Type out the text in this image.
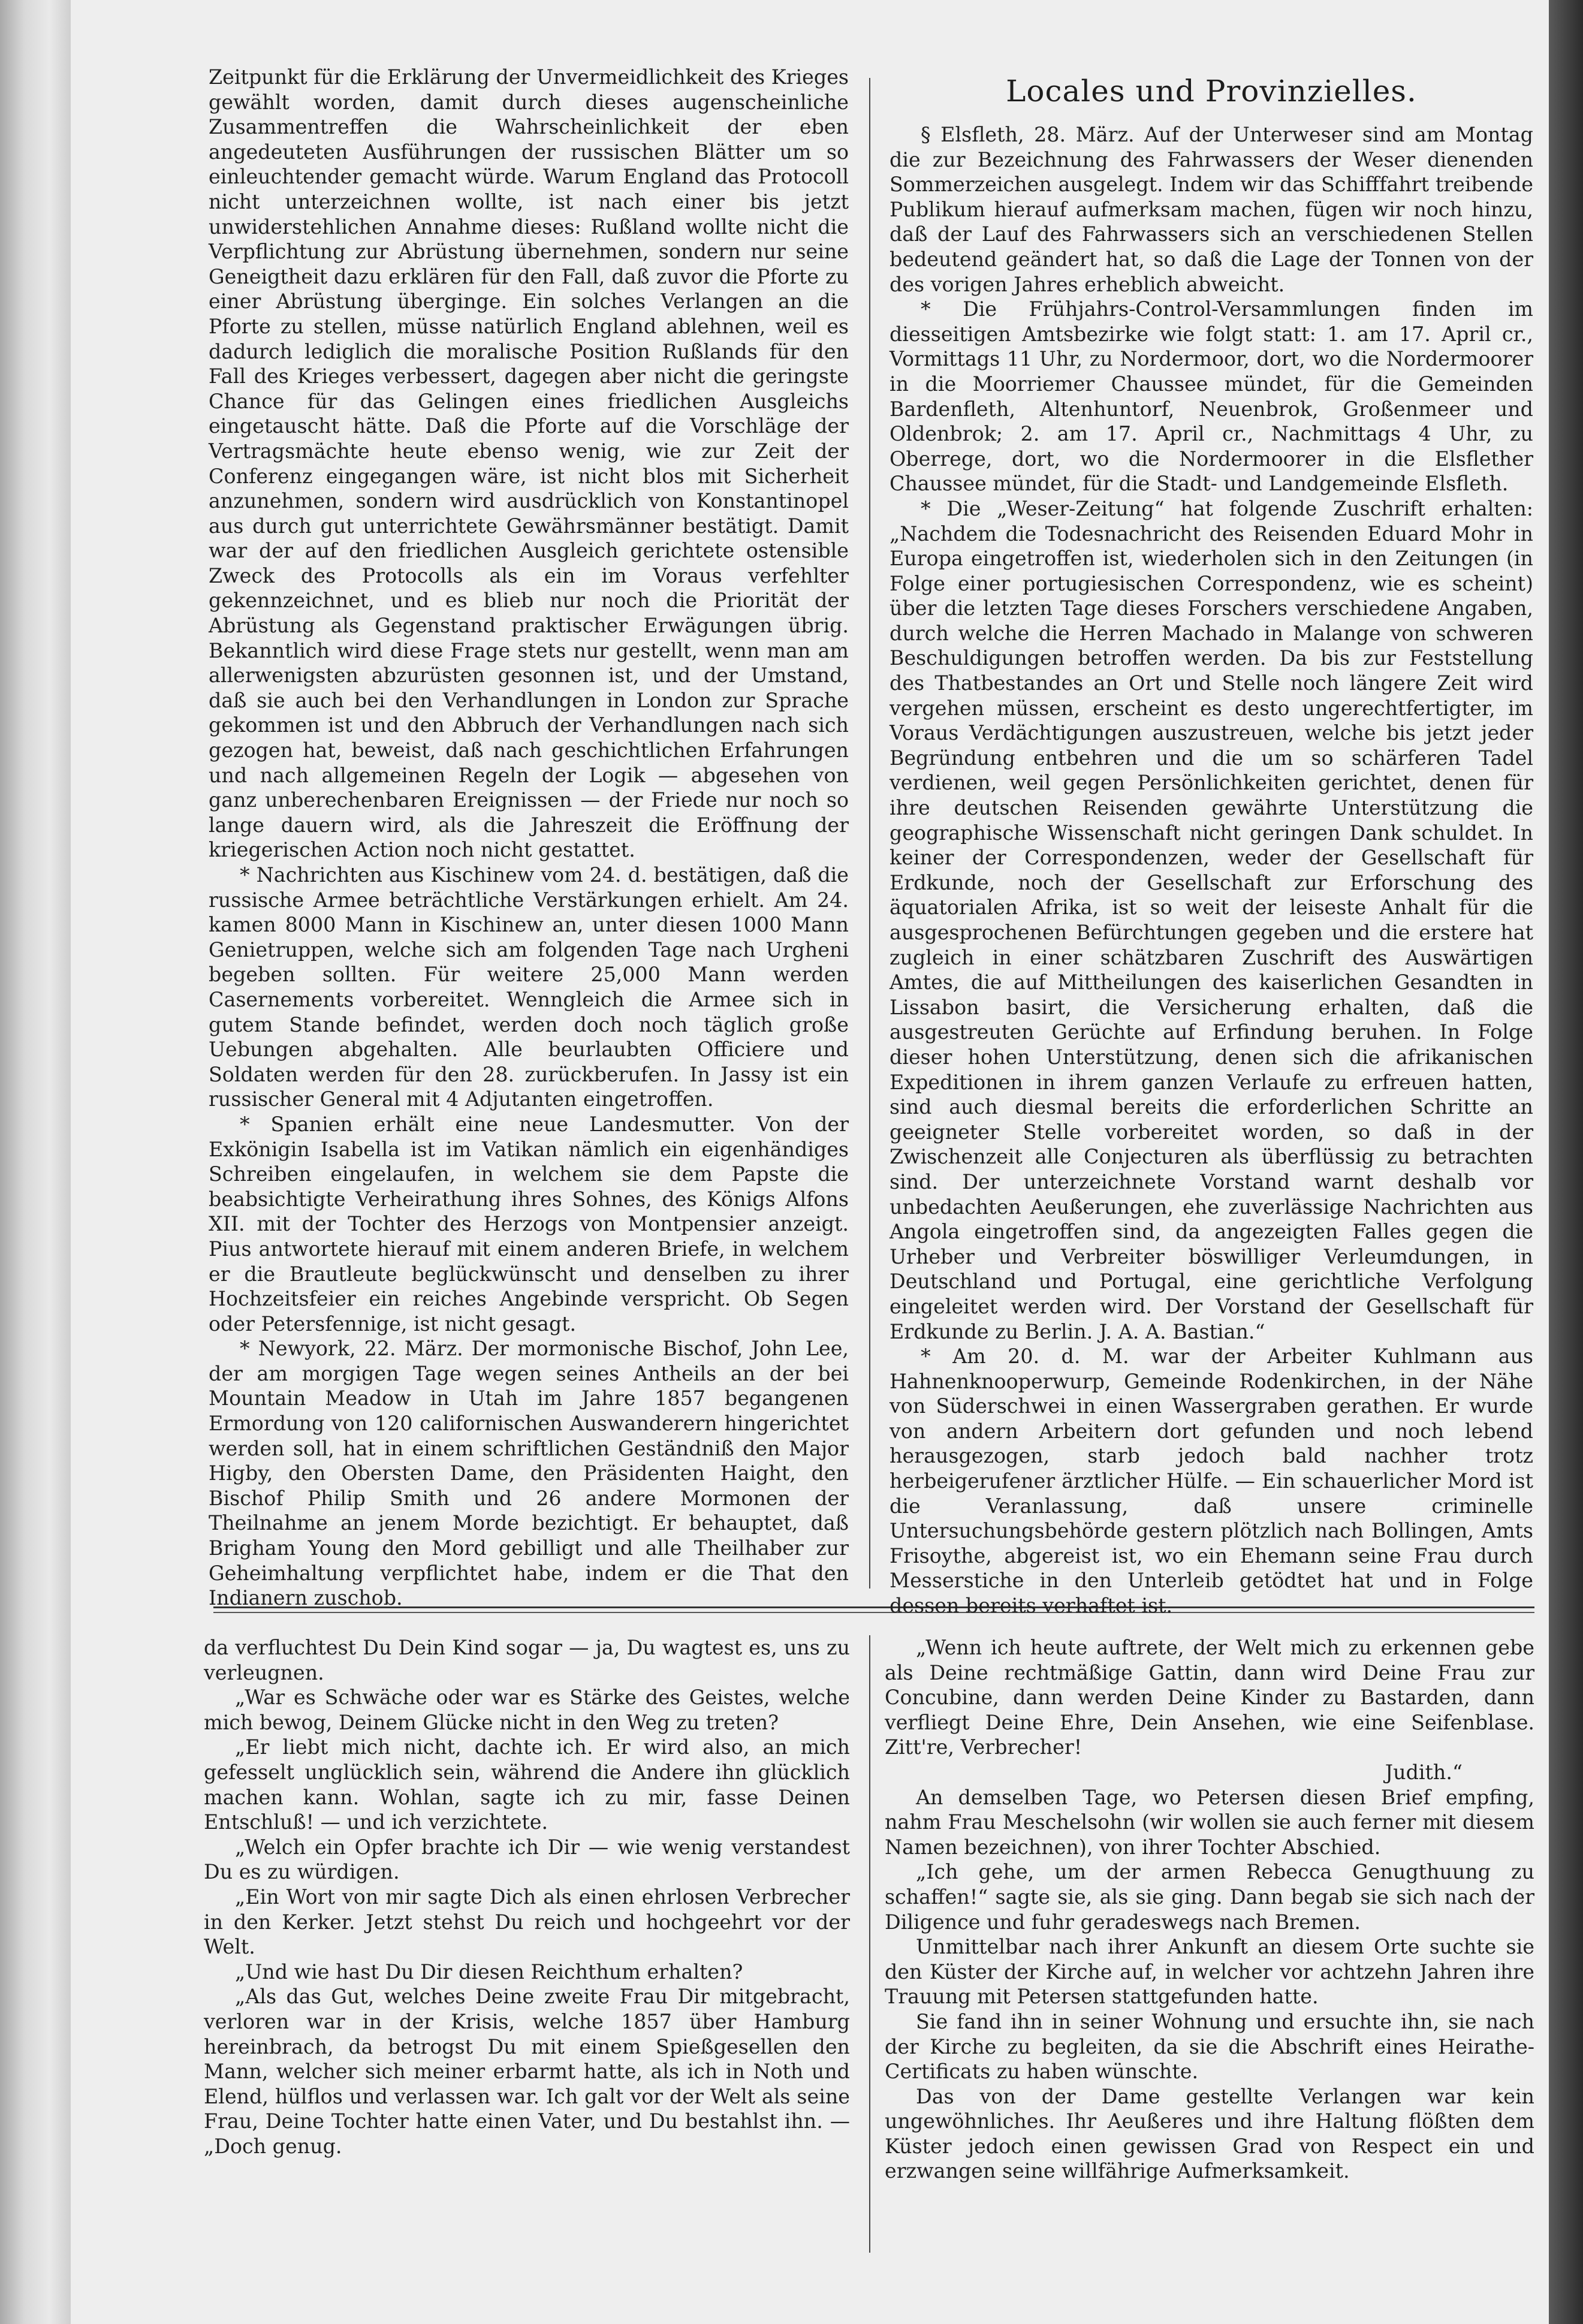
Locales und Provinzielles.

Zeitpunkt für die Erklärung der Unvermeidlichkeit des Krieges gewählt worden, damit durch dieses augenscheinliche Zusammentreffen die Wahrscheinlichkeit der eben angedeuteten Ausführungen der russischen Blätter um so einleuchtender gemacht würde. Warum England das Protocoll nicht unterzeichnen wollte, ist nach einer bis jetzt unwiderstehlichen Annahme dieses: Rußland wollte nicht die Verpflichtung zur Abrüstung übernehmen, sondern nur seine Geneigtheit dazu erklären für den Fall, daß zuvor die Pforte zu einer Abrüstung überginge. Ein solches Verlangen an die Pforte zu stellen, müsse natürlich England ablehnen, weil es dadurch lediglich die moralische Position Rußlands für den Fall des Krieges verbessert, dagegen aber nicht die geringste Chance für das Gelingen eines friedlichen Ausgleichs eingetauscht hätte. Daß die Pforte auf die Vorschläge der Vertragsmächte heute ebenso wenig, wie zur Zeit der Conferenz eingegangen wäre, ist nicht blos mit Sicherheit anzunehmen, sondern wird ausdrücklich von Konstantinopel aus durch gut unterrichtete Gewährsmänner bestätigt. Damit war der auf den friedlichen Ausgleich gerichtete ostensible Zweck des Protocolls als ein im Voraus verfehlter gekennzeichnet, und es blieb nur noch die Priorität der Abrüstung als Gegenstand praktischer Erwägungen übrig. Bekanntlich wird diese Frage stets nur gestellt, wenn man am allerwenigsten abzurüsten gesonnen ist, und der Umstand, daß sie auch bei den Verhandlungen in London zur Sprache gekommen ist und den Abbruch der Verhandlungen nach sich gezogen hat, beweist, daß nach geschichtlichen Erfahrungen und nach allgemeinen Regeln der Logik — abgesehen von ganz unberechenbaren Ereignissen — der Friede nur noch so lange dauern wird, als die Jahreszeit die Eröffnung der kriegerischen Action noch nicht gestattet.

* Nachrichten aus Kischinew vom 24. d. bestätigen, daß die russische Armee beträchtliche Verstärkungen erhielt. Am 24. kamen 8000 Mann in Kischinew an, unter diesen 1000 Mann Genietruppen, welche sich am folgenden Tage nach Urgheni begeben sollten. Für weitere 25,000 Mann werden Casernements vorbereitet. Wenngleich die Armee sich in gutem Stande befindet, werden doch noch täglich große Uebungen abgehalten. Alle beurlaubten Officiere und Soldaten werden für den 28. zurückberufen. In Jassy ist ein russischer General mit 4 Adjutanten eingetroffen.

* Spanien erhält eine neue Landesmutter. Von der Exkönigin Isabella ist im Vatikan nämlich ein eigenhändiges Schreiben eingelaufen, in welchem sie dem Papste die beabsichtigte Verheirathung ihres Sohnes, des Königs Alfons XII. mit der Tochter des Herzogs von Montpensier anzeigt. Pius antwortete hierauf mit einem anderen Briefe, in welchem er die Brautleute beglückwünscht und denselben zu ihrer Hochzeitsfeier ein reiches Angebinde verspricht. Ob Segen oder Petersfennige, ist nicht gesagt.

* Newyork, 22. März. Der mormonische Bischof, John Lee, der am morgigen Tage wegen seines Antheils an der bei Mountain Meadow in Utah im Jahre 1857 begangenen Ermordung von 120 californischen Auswanderern hingerichtet werden soll, hat in einem schriftlichen Geständniß den Major Higby, den Obersten Dame, den Präsidenten Haight, den Bischof Philip Smith und 26 andere Mormonen der Theilnahme an jenem Morde bezichtigt. Er behauptet, daß Brigham Young den Mord gebilligt und alle Theilhaber zur Geheimhaltung verpflichtet habe, indem er die That den Indianern zuschob.

§ Elsfleth, 28. März. Auf der Unterweser sind am Montag die zur Bezeichnung des Fahrwassers der Weser dienenden Sommerzeichen ausgelegt. Indem wir das Schifffahrt treibende Publikum hierauf aufmerksam machen, fügen wir noch hinzu, daß der Lauf des Fahrwassers sich an verschiedenen Stellen bedeutend geändert hat, so daß die Lage der Tonnen von der des vorigen Jahres erheblich abweicht.

* Die Frühjahrs-Control-Versammlungen finden im diesseitigen Amtsbezirke wie folgt statt: 1. am 17. April cr., Vormittags 11 Uhr, zu Nordermoor, dort, wo die Nordermoorer in die Moorriemer Chaussee mündet, für die Gemeinden Bardenfleth, Altenhuntorf, Neuenbrok, Großenmeer und Oldenbrok; 2. am 17. April cr., Nachmittags 4 Uhr, zu Oberrege, dort, wo die Nordermoorer in die Elsflether Chaussee mündet, für die Stadt- und Landgemeinde Elsfleth.

* Die „Weser-Zeitung“ hat folgende Zuschrift erhalten: „Nachdem die Todesnachricht des Reisenden Eduard Mohr in Europa eingetroffen ist, wiederholen sich in den Zeitungen (in Folge einer portugiesischen Correspondenz, wie es scheint) über die letzten Tage dieses Forschers verschiedene Angaben, durch welche die Herren Machado in Malange von schweren Beschuldigungen betroffen werden. Da bis zur Feststellung des Thatbestandes an Ort und Stelle noch längere Zeit wird vergehen müssen, erscheint es desto ungerechtfertigter, im Voraus Verdächtigungen auszustreuen, welche bis jetzt jeder Begründung entbehren und die um so schärferen Tadel verdienen, weil gegen Persönlichkeiten gerichtet, denen für ihre deutschen Reisenden gewährte Unterstützung die geographische Wissenschaft nicht geringen Dank schuldet. In keiner der Correspondenzen, weder der Gesellschaft für Erdkunde, noch der Gesellschaft zur Erforschung des äquatorialen Afrika, ist so weit der leiseste Anhalt für die ausgesprochenen Befürchtungen gegeben und die erstere hat zugleich in einer schätzbaren Zuschrift des Auswärtigen Amtes, die auf Mittheilungen des kaiserlichen Gesandten in Lissabon basirt, die Versicherung erhalten, daß die ausgestreuten Gerüchte auf Erfindung beruhen. In Folge dieser hohen Unterstützung, denen sich die afrikanischen Expeditionen in ihrem ganzen Verlaufe zu erfreuen hatten, sind auch diesmal bereits die erforderlichen Schritte an geeigneter Stelle vorbereitet worden, so daß in der Zwischenzeit alle Conjecturen als überflüssig zu betrachten sind. Der unterzeichnete Vorstand warnt deshalb vor unbedachten Aeußerungen, ehe zuverlässige Nachrichten aus Angola eingetroffen sind, da angezeigten Falles gegen die Urheber und Verbreiter böswilliger Verleumdungen, in Deutschland und Portugal, eine gerichtliche Verfolgung eingeleitet werden wird. Der Vorstand der Gesellschaft für Erdkunde zu Berlin. J. A. A. Bastian.“

* Am 20. d. M. war der Arbeiter Kuhlmann aus Hahnenknooperwurp, Gemeinde Rodenkirchen, in der Nähe von Süderschwei in einen Wassergraben gerathen. Er wurde von andern Arbeitern dort gefunden und noch lebend herausgezogen, starb jedoch bald nachher trotz herbeigerufener ärztlicher Hülfe. — Ein schauerlicher Mord ist die Veranlassung, daß unsere criminelle Untersuchungsbehörde gestern plötzlich nach Bollingen, Amts Frisoythe, abgereist ist, wo ein Ehemann seine Frau durch Messerstiche in den Unterleib getödtet hat und in Folge dessen bereits verhaftet ist.

da verfluchtest Du Dein Kind sogar — ja, Du wagtest es, uns zu verleugnen.

„War es Schwäche oder war es Stärke des Geistes, welche mich bewog, Deinem Glücke nicht in den Weg zu treten?

„Er liebt mich nicht, dachte ich. Er wird also, an mich gefesselt unglücklich sein, während die Andere ihn glücklich machen kann. Wohlan, sagte ich zu mir, fasse Deinen Entschluß! — und ich verzichtete.

„Welch ein Opfer brachte ich Dir — wie wenig verstandest Du es zu würdigen.

„Ein Wort von mir sagte Dich als einen ehrlosen Verbrecher in den Kerker. Jetzt stehst Du reich und hochgeehrt vor der Welt.

„Und wie hast Du Dir diesen Reichthum erhalten?

„Als das Gut, welches Deine zweite Frau Dir mitgebracht, verloren war in der Krisis, welche 1857 über Hamburg hereinbrach, da betrogst Du mit einem Spießgesellen den Mann, welcher sich meiner erbarmt hatte, als ich in Noth und Elend, hülflos und verlassen war. Ich galt vor der Welt als seine Frau, Deine Tochter hatte einen Vater, und Du bestahlst ihn. — „Doch genug.

„Wenn ich heute auftrete, der Welt mich zu erkennen gebe als Deine rechtmäßige Gattin, dann wird Deine Frau zur Concubine, dann werden Deine Kinder zu Bastarden, dann verfliegt Deine Ehre, Dein Ansehen, wie eine Seifenblase. Zitt're, Verbrecher!

Judith.“

An demselben Tage, wo Petersen diesen Brief empfing, nahm Frau Meschelsohn (wir wollen sie auch ferner mit diesem Namen bezeichnen), von ihrer Tochter Abschied.

„Ich gehe, um der armen Rebecca Genugthuung zu schaffen!“ sagte sie, als sie ging. Dann begab sie sich nach der Diligence und fuhr geradeswegs nach Bremen.

Unmittelbar nach ihrer Ankunft an diesem Orte suchte sie den Küster der Kirche auf, in welcher vor achtzehn Jahren ihre Trauung mit Petersen stattgefunden hatte.

Sie fand ihn in seiner Wohnung und ersuchte ihn, sie nach der Kirche zu begleiten, da sie die Abschrift eines Heirathe-Certificats zu haben wünschte.

Das von der Dame gestellte Verlangen war kein ungewöhnliches. Ihr Aeußeres und ihre Haltung flößten dem Küster jedoch einen gewissen Grad von Respect ein und erzwangen seine willfährige Aufmerksamkeit.
